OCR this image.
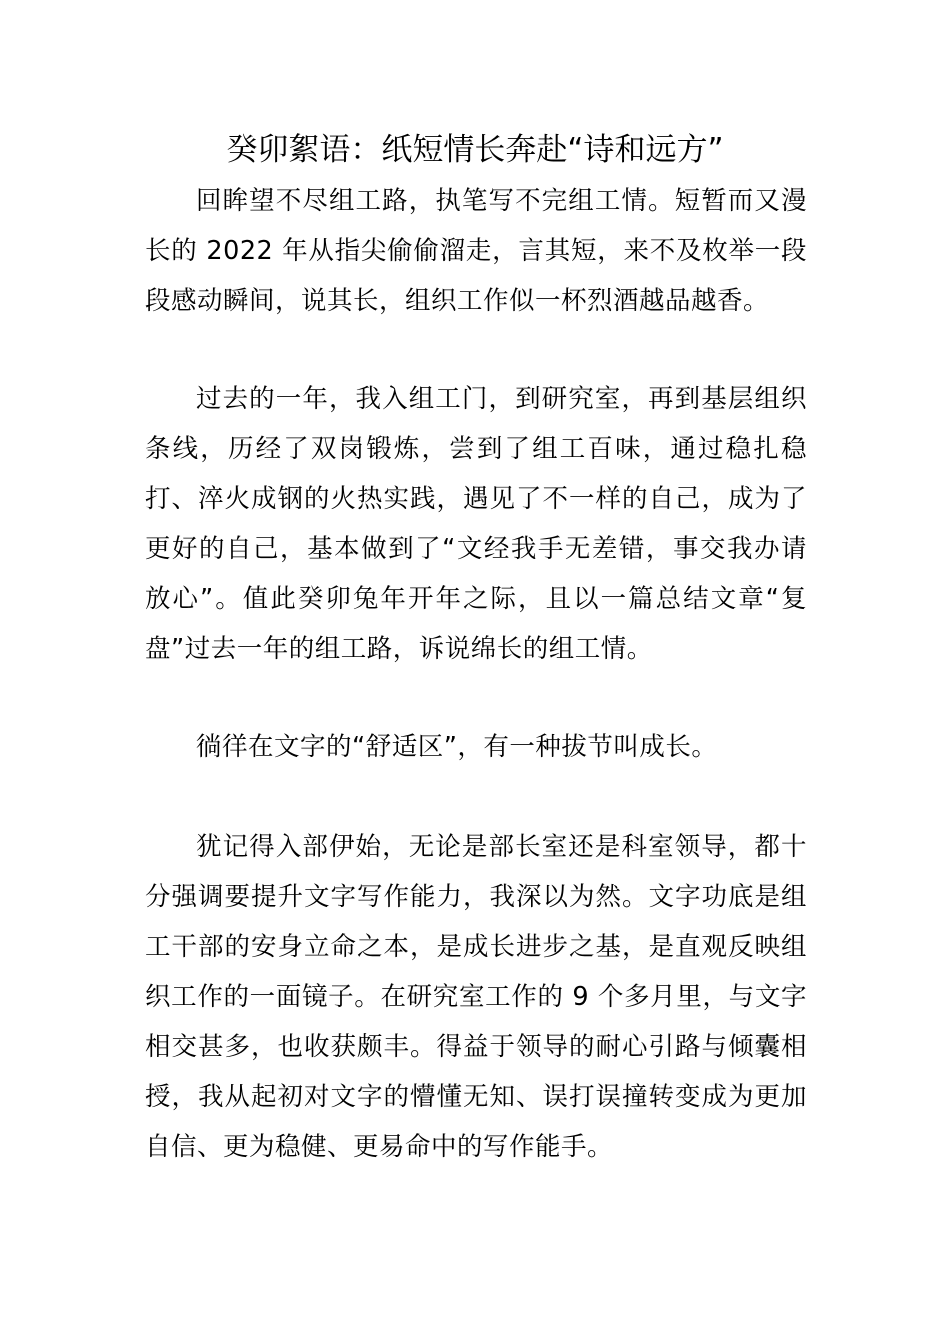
癸卯絮语：纸短情长奔赴“诗和远方”

回眸望不尽组工路，执笔写不完组工情。短暂而又漫长的 2022 年从指尖偷偷溜走，言其短，来不及枚举一段段感动瞬间，说其长，组织工作似一杯烈酒越品越香。

过去的一年，我入组工门，到研究室，再到基层组织条线，历经了双岗锻炼，尝到了组工百味，通过稳扎稳打、淬火成钢的火热实践，遇见了不一样的自己，成为了更好的自己，基本做到了“文经我手无差错，事交我办请放心”。值此癸卯兔年开年之际，且以一篇总结文章“复盘”过去一年的组工路，诉说绵长的组工情。

徜徉在文字的“舒适区”，有一种拔节叫成长。

犹记得入部伊始，无论是部长室还是科室领导，都十分强调要提升文字写作能力，我深以为然。文字功底是组工干部的安身立命之本，是成长进步之基，是直观反映组织工作的一面镜子。在研究室工作的 9 个多月里，与文字相交甚多，也收获颇丰。得益于领导的耐心引路与倾囊相授，我从起初对文字的懵懂无知、误打误撞转变成为更加自信、更为稳健、更易命中的写作能手。
